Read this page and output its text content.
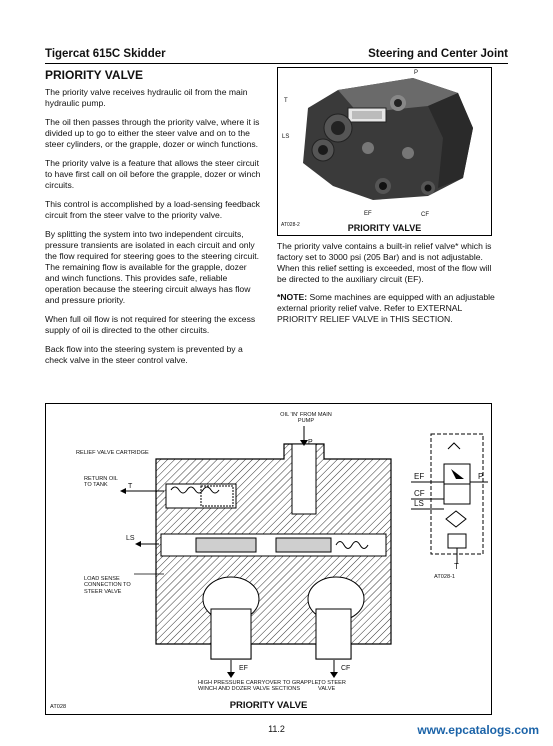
Tigercat 615C Skidder	Steering and Center Joint
PRIORITY VALVE

The priority valve receives hydraulic oil from the main hydraulic pump.

The oil then passes through the priority valve, where it is divided up to go to either the steer valve and on to the steer cylinders, or the grapple, dozer or winch functions.

The priority valve is a feature that allows the steer circuit to have first call on oil before the grapple, dozer or winch circuits.

This control is accomplished by a load-sensing feedback circuit from the steer valve to the priority valve.

By splitting the system into two independent circuits, pressure transients are isolated in each circuit and only the flow required for steering goes to the steering circuit. The remaining flow is available for the grapple, dozer and winch functions. This provides safe, reliable operation because the steering circuit always has flow and pressure priority.

When full oil flow is not required for steering the excess supply of oil is directed to the other circuits.

Back flow into the steering system is prevented by a check valve in the steer control valve.

P
T
LS
EF	CF
AT028-2	PRIORITY VALVE

The priority valve contains a built-in relief valve* which is factory set to 3000 psi (205 Bar) and is not adjustable. When this relief setting is exceeded, most of the flow will be directed to the auxiliary circuit (EF).

*NOTE: Some machines are equipped with an adjustable external priority relief valve. Refer to EXTERNAL PRIORITY RELIEF VALVE in THIS SECTION.

OIL 'IN' FROM MAIN PUMP
P
RELIEF VALVE CARTRIDGE
RETURN OIL TO TANK	T
LS
LOAD SENSE CONNECTION TO STEER VALVE
EF	CF
HIGH PRESSURE CARRYOVER TO GRAPPLE, WINCH AND DOZER VALVE SECTIONS
TO STEER VALVE
EF
CF
LS
P
T
AT028-1
AT028	PRIORITY VALVE
11.2	www.epcatalogs.com
